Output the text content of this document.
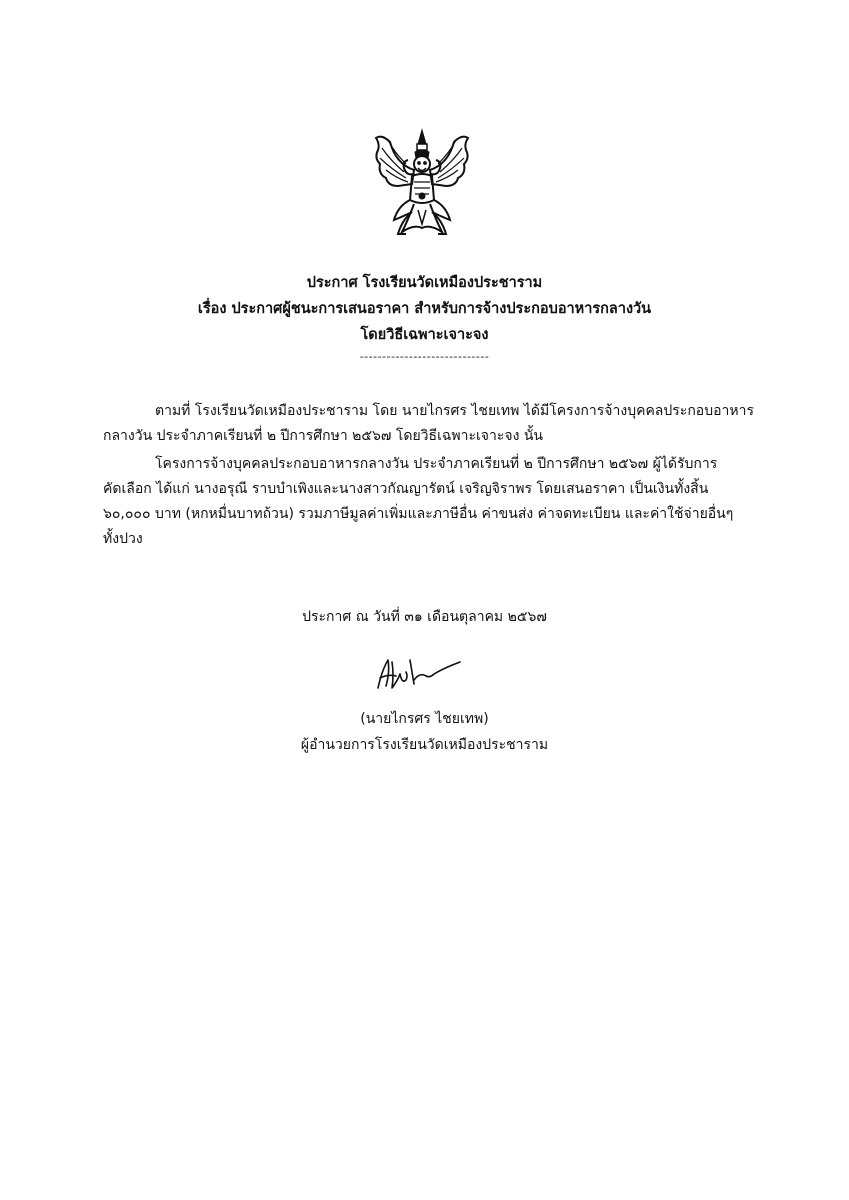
ประกาศ โรงเรียนวัดเหมืองประชาราม
เรื่อง ประกาศผู้ชนะการเสนอราคา สำหรับการจ้างประกอบอาหารกลางวัน
โดยวิธีเฉพาะเจาะจง
-----------------------------
ตามที่ โรงเรียนวัดเหมืองประชาราม โดย นายไกรศร ไชยเทพ ได้มีโครงการจ้างบุคคลประกอบอาหาร
กลางวัน ประจำภาคเรียนที่ ๒ ปีการศึกษา ๒๕๖๗ โดยวิธีเฉพาะเจาะจง นั้น
โครงการจ้างบุคคลประกอบอาหารกลางวัน ประจำภาคเรียนที่ ๒ ปีการศึกษา ๒๕๖๗ ผู้ได้รับการ
คัดเลือก ได้แก่ นางอรุณี ราบบำเพิงและนางสาวกัณญารัตน์ เจริญจิราพร โดยเสนอราคา เป็นเงินทั้งสิ้น
๖๐,๐๐๐ บาท (หกหมื่นบาทถ้วน) รวมภาษีมูลค่าเพิ่มและภาษีอื่น ค่าขนส่ง ค่าจดทะเบียน และค่าใช้จ่ายอื่นๆ
ทั้งปวง
ประกาศ ณ วันที่ ๓๑ เดือนตุลาคม ๒๕๖๗
(นายไกรศร ไชยเทพ)
ผู้อำนวยการโรงเรียนวัดเหมืองประชาราม
